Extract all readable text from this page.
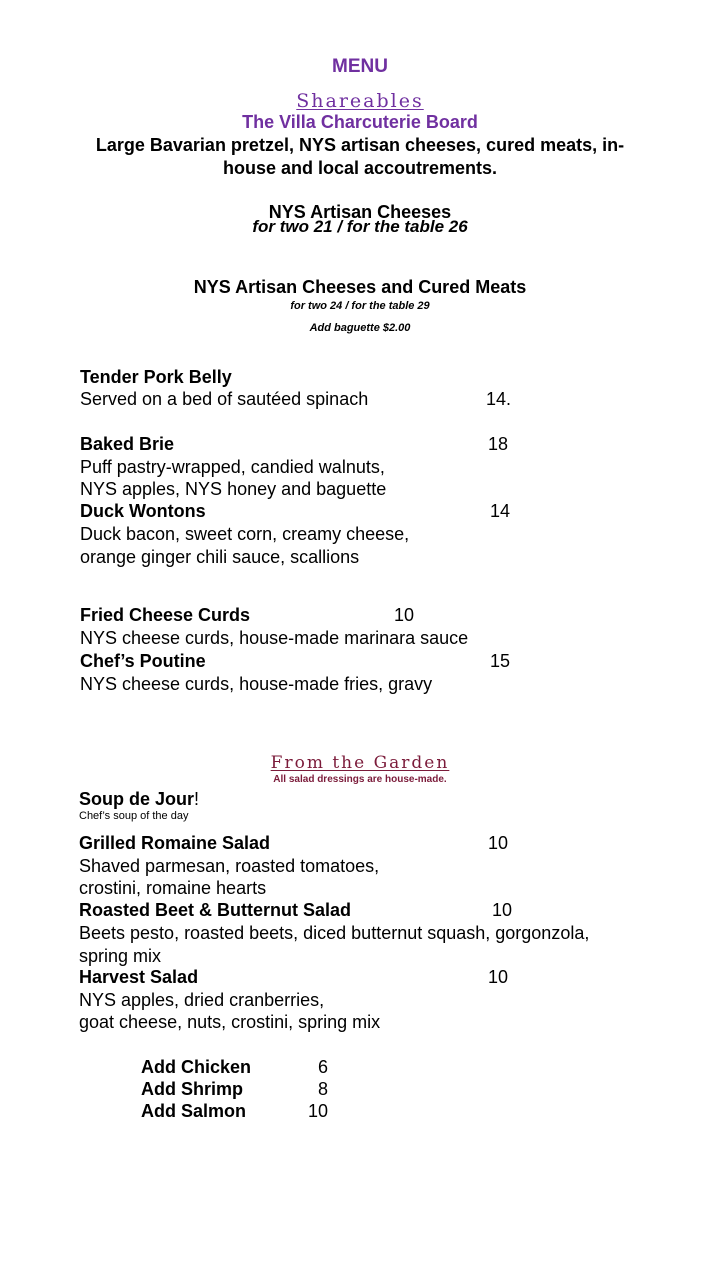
MENU
Shareables
The Villa Charcuterie Board
Large Bavarian pretzel, NYS artisan cheeses, cured meats, in-
house and local accoutrements.
NYS Artisan Cheeses
for two 21 / for the table 26
NYS Artisan Cheeses and Cured Meats
for two 24 / for the table 29
Add baguette $2.00
Tender Pork Belly
Served on a bed of sautéed spinach	14.
Baked Brie	18
Puff pastry-wrapped, candied walnuts,
NYS apples, NYS honey and baguette
Duck Wontons	14
Duck bacon, sweet corn, creamy cheese,
orange ginger chili sauce, scallions
Fried Cheese Curds	10
NYS cheese curds, house-made marinara sauce
Chef’s Poutine	15
NYS cheese curds, house-made fries, gravy
From the Garden
All salad dressings are house-made.
Soup de Jour!
Chef’s soup of the day
Grilled Romaine Salad	10
Shaved parmesan, roasted tomatoes,
crostini, romaine hearts
Roasted Beet & Butternut Salad	10
Beets pesto, roasted beets, diced butternut squash, gorgonzola,
spring mix
Harvest Salad	10
NYS apples, dried cranberries,
goat cheese, nuts, crostini, spring mix
Add Chicken	6
Add Shrimp	8
Add Salmon	10
